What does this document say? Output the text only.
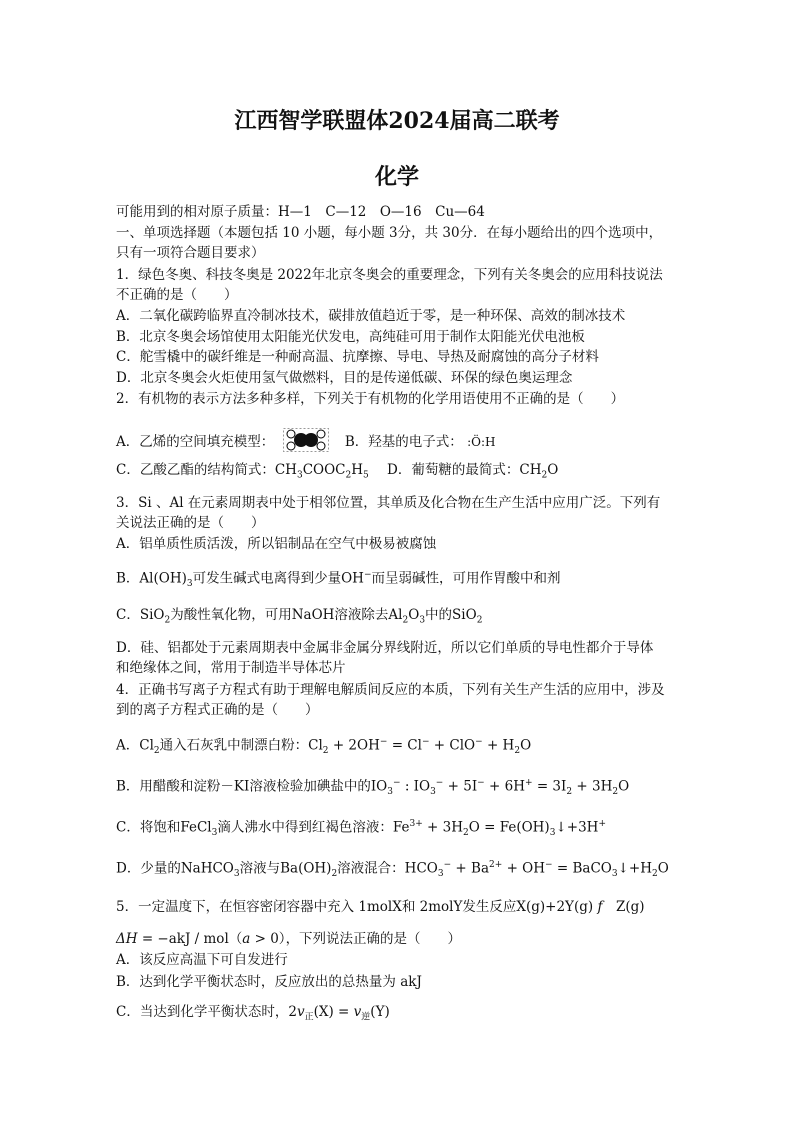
江西智学联盟体2024届高二联考
化学
可能用到的相对原子质量：H—1　C—12　O—16　Cu—64
一、单项选择题（本题包括 10 小题，每小题 3分，共 30分．在每小题给出的四个选项中，
只有一项符合题目要求）
1．绿色冬奥、科技冬奥是 2022年北京冬奥会的重要理念，下列有关冬奥会的应用科技说法
不正确的是（　　）
A．二氧化碳跨临界直冷制冰技术，碳排放值趋近于零，是一种环保、高效的制冰技术
B．北京冬奥会场馆使用太阳能光伏发电，高纯硅可用于制作太阳能光伏电池板
C．舵雪橇中的碳纤维是一种耐高温、抗摩擦、导电、导热及耐腐蚀的高分子材料
D．北京冬奥会火炬使用氢气做燃料，目的是传递低碳、环保的绿色奥运理念
2．有机物的表示方法多种多样，下列关于有机物的化学用语使用不正确的是（　　）
A．乙烯的空间填充模型：	B．羟基的电子式： :Ö:H
C．乙酸乙酯的结构简式：$CH_3COOC_2H_5$ D．葡萄糖的最简式：$CH_2O$
3．Si 、Al 在元素周期表中处于相邻位置，其单质及化合物在生产生活中应用广泛。下列有
关说法正确的是（　　）
A．铝单质性质活泼，所以铝制品在空气中极易被腐蚀
B．$Al(OH)_3$可发生碱式电离得到少量OH−而呈弱碱性，可用作胃酸中和剂
C．SiO$_2$为酸性氧化物，可用NaOH溶液除去$Al_2O_3$中的SiO$_2$
D．硅、铝都处于元素周期表中金属非金属分界线附近，所以它们单质的导电性都介于导体
和绝缘体之间，常用于制造半导体芯片
4．正确书写离子方程式有助于理解电解质间反应的本质，下列有关生产生活的应用中，涉及
到的离子方程式正确的是（　　）
A．$Cl_2$通入石灰乳中制漂白粉：$Cl_2 + 2OH^- = Cl^- + ClO^- + H_2O$
B．用醋酸和淀粉－KI溶液检验加碘盐中的$IO_3^-$ : $IO_3^- + 5I^- + 6H^+ = 3I_2 + 3H_2O$
C．将饱和FeCl$_3$滴人沸水中得到红褐色溶液：$Fe^{3+} + 3H_2O$ = $Fe(OH)_3↓+3H^+$
D．少量的NaHCO$_3$溶液与$Ba(OH)_2$溶液混合：$HCO_3^- + Ba^{2+} + OH^-$ = $BaCO_3↓+H_2O$
5．一定温度下，在恒容密闭容器中充入 1molX和 2molY发生反应X(g)+2Y(g) f　Z(g)
ΔH = −akJ / mol（a > 0），下列说法正确的是（　　）
A．该反应高温下可自发进行
B．达到化学平衡状态时，反应放出的总热量为 akJ
C．当达到化学平衡状态时，$2v_正(X) = v_逆(Y)$
